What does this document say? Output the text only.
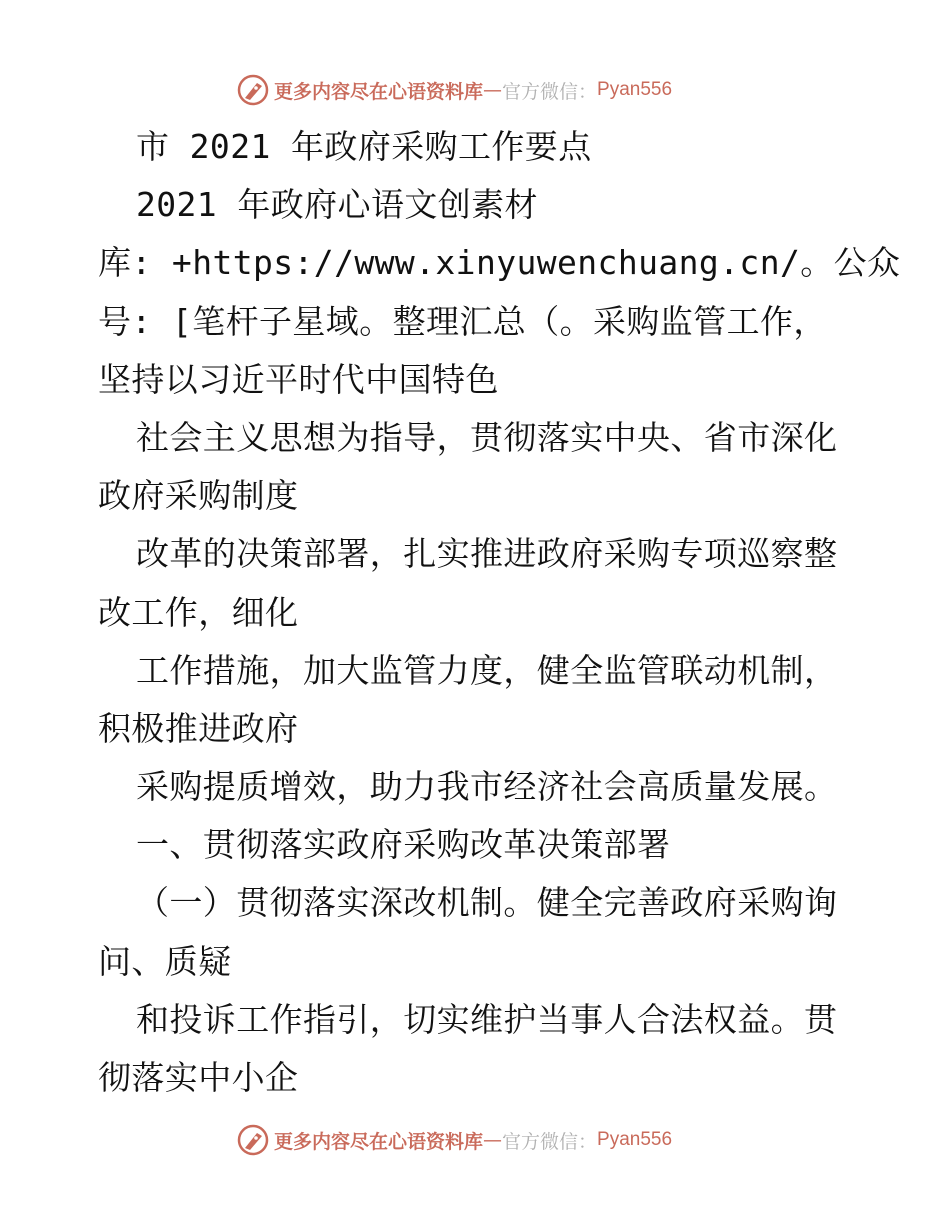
更多内容尽在心语资料库 — 官方微信： Pyan556
市 2021 年政府采购工作要点
2021 年政府心语文创素材
库: +https://www.xinyuwenchuang.cn/。公众
号: [笔杆子星域。整理汇总（。采购监管工作，
坚持以习近平时代中国特色
社会主义思想为指导，贯彻落实中央、省市深化
政府采购制度
改革的决策部署，扎实推进政府采购专项巡察整
改工作，细化
工作措施，加大监管力度，健全监管联动机制，
积极推进政府
采购提质增效，助力我市经济社会高质量发展。
一、贯彻落实政府采购改革决策部署
（一）贯彻落实深改机制。健全完善政府采购询
问、质疑
和投诉工作指引，切实维护当事人合法权益。贯
彻落实中小企
更多内容尽在心语资料库 — 官方微信： Pyan556
